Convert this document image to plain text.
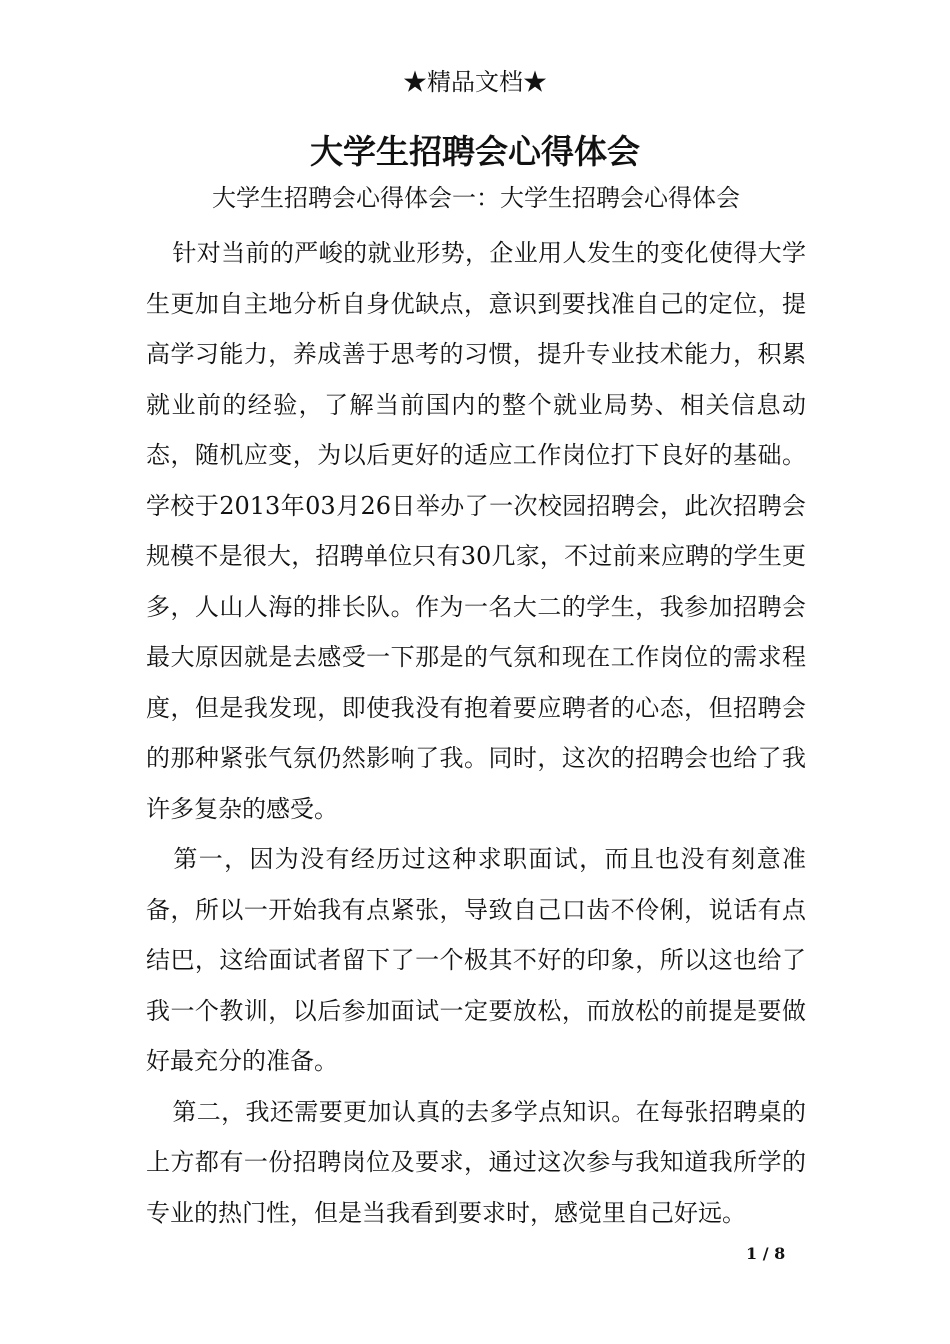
★精品文档★
大学生招聘会心得体会
大学生招聘会心得体会一：大学生招聘会心得体会

针对当前的严峻的就业形势，企业用人发生的变化使得大学生更加自主地分析自身优缺点，意识到要找准自己的定位，提高学习能力，养成善于思考的习惯，提升专业技术能力，积累就业前的经验，了解当前国内的整个就业局势、相关信息动态，随机应变，为以后更好的适应工作岗位打下良好的基础。学校于2013年03月26日举办了一次校园招聘会，此次招聘会规模不是很大，招聘单位只有30几家，不过前来应聘的学生更多，人山人海的排长队。作为一名大二的学生，我参加招聘会最大原因就是去感受一下那是的气氛和现在工作岗位的需求程度，但是我发现，即使我没有抱着要应聘者的心态，但招聘会的那种紧张气氛仍然影响了我。同时，这次的招聘会也给了我许多复杂的感受。

第一，因为没有经历过这种求职面试，而且也没有刻意准备，所以一开始我有点紧张，导致自己口齿不伶俐，说话有点结巴，这给面试者留下了一个极其不好的印象，所以这也给了我一个教训，以后参加面试一定要放松，而放松的前提是要做好最充分的准备。

第二，我还需要更加认真的去多学点知识。在每张招聘桌的上方都有一份招聘岗位及要求，通过这次参与我知道我所学的专业的热门性，但是当我看到要求时，感觉里自己好远。

1 / 8
